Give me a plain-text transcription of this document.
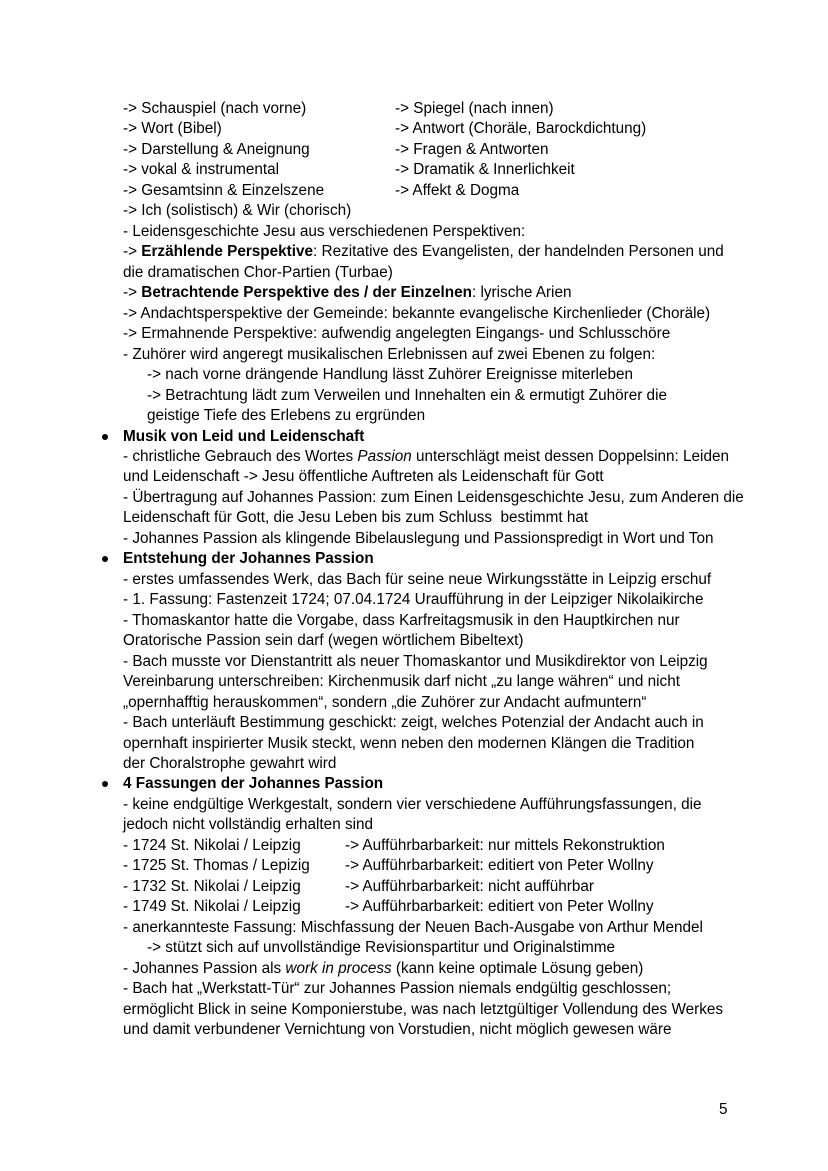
-> Schauspiel (nach vorne)	-> Spiegel (nach innen)
-> Wort (Bibel)	-> Antwort (Choräle, Barockdichtung)
-> Darstellung & Aneignung	-> Fragen & Antworten
-> vokal & instrumental	-> Dramatik & Innerlichkeit
-> Gesamtsinn & Einzelszene	-> Affekt & Dogma
-> Ich (solistisch) & Wir (chorisch)
- Leidensgeschichte Jesu aus verschiedenen Perspektiven:
-> Erzählende Perspektive: Rezitative des Evangelisten, der handelnden Personen und
die dramatischen Chor-Partien (Turbae)
-> Betrachtende Perspektive des / der Einzelnen: lyrische Arien
-> Andachtsperspektive der Gemeinde: bekannte evangelische Kirchenlieder (Choräle)
-> Ermahnende Perspektive: aufwendig angelegten Eingangs- und Schlusschöre
- Zuhörer wird angeregt musikalischen Erlebnissen auf zwei Ebenen zu folgen:
-> nach vorne drängende Handlung lässt Zuhörer Ereignisse miterleben
-> Betrachtung lädt zum Verweilen und Innehalten ein & ermutigt Zuhörer die
geistige Tiefe des Erlebens zu ergründen
Musik von Leid und Leidenschaft
- christliche Gebrauch des Wortes Passion unterschlägt meist dessen Doppelsinn: Leiden
und Leidenschaft -> Jesu öffentliche Auftreten als Leidenschaft für Gott
- Übertragung auf Johannes Passion: zum Einen Leidensgeschichte Jesu, zum Anderen die
Leidenschaft für Gott, die Jesu Leben bis zum Schluss  bestimmt hat
- Johannes Passion als klingende Bibelauslegung und Passionspredigt in Wort und Ton
Entstehung der Johannes Passion
- erstes umfassendes Werk, das Bach für seine neue Wirkungsstätte in Leipzig erschuf
- 1. Fassung: Fastenzeit 1724; 07.04.1724 Uraufführung in der Leipziger Nikolaikirche
- Thomaskantor hatte die Vorgabe, dass Karfreitagsmusik in den Hauptkirchen nur
Oratorische Passion sein darf (wegen wörtlichem Bibeltext)
- Bach musste vor Dienstantritt als neuer Thomaskantor und Musikdirektor von Leipzig
Vereinbarung unterschreiben: Kirchenmusik darf nicht „zu lange währen“ und nicht
„opernhafftig herauskommen“, sondern „die Zuhörer zur Andacht aufmuntern“
- Bach unterläuft Bestimmung geschickt: zeigt, welches Potenzial der Andacht auch in
opernhaft inspirierter Musik steckt, wenn neben den modernen Klängen die Tradition
der Choralstrophe gewahrt wird
4 Fassungen der Johannes Passion
- keine endgültige Werkgestalt, sondern vier verschiedene Aufführungsfassungen, die
jedoch nicht vollständig erhalten sind
- 1724 St. Nikolai / Leipzig	-> Aufführbarbarkeit: nur mittels Rekonstruktion
- 1725 St. Thomas / Lepizig	-> Aufführbarbarkeit: editiert von Peter Wollny
- 1732 St. Nikolai / Leipzig	-> Aufführbarbarkeit: nicht aufführbar
- 1749 St. Nikolai / Leipzig	-> Aufführbarbarkeit: editiert von Peter Wollny
- anerkannteste Fassung: Mischfassung der Neuen Bach-Ausgabe von Arthur Mendel
-> stützt sich auf unvollständige Revisionspartitur und Originalstimme
- Johannes Passion als work in process (kann keine optimale Lösung geben)
- Bach hat „Werkstatt-Tür“ zur Johannes Passion niemals endgültig geschlossen;
ermöglicht Blick in seine Komponierstube, was nach letztgültiger Vollendung des Werkes
und damit verbundener Vernichtung von Vorstudien, nicht möglich gewesen wäre
5
